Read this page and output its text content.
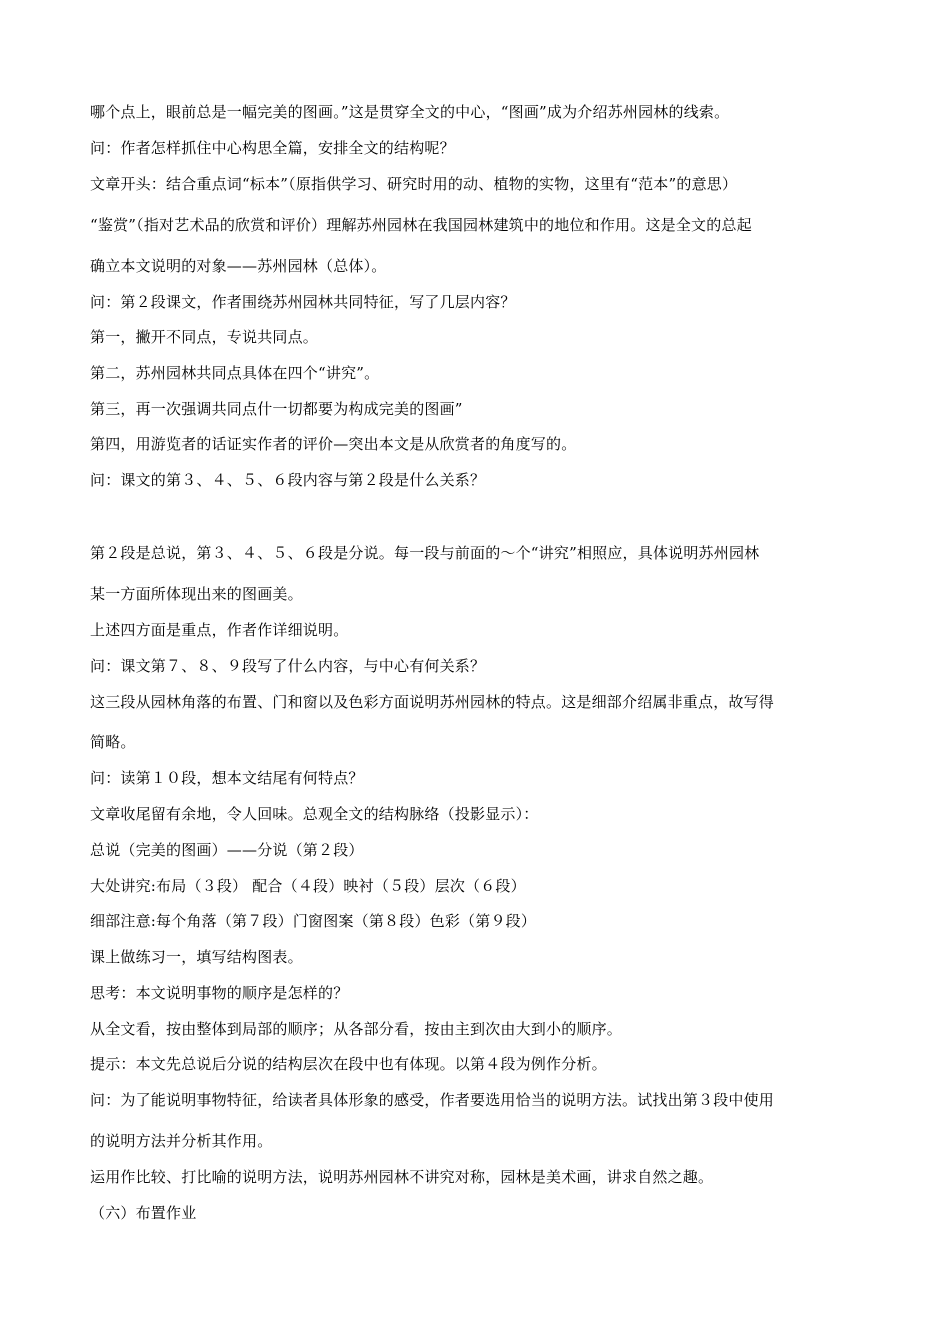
哪个点上，眼前总是一幅完美的图画。”这是贯穿全文的中心，“图画”成为介绍苏州园林的线索。
问：作者怎样抓住中心构思全篇，安排全文的结构呢？
文章开头：结合重点词“标本”（原指供学习、研究时用的动、植物的实物，这里有“范本”的意思）
“鉴赏”（指对艺术品的欣赏和评价）理解苏州园林在我国园林建筑中的地位和作用。这是全文的总起
确立本文说明的对象——苏州园林（总体）。
问：第２段课文，作者围绕苏州园林共同特征，写了几层内容？
第一，撇开不同点，专说共同点。
第二，苏州园林共同点具体在四个“讲究”。
第三，再一次强调共同点什一切都要为构成完美的图画”
第四，用游览者的话证实作者的评价—突出本文是从欣赏者的角度写的。
问：课文的第３、４、５、６段内容与第２段是什么关系？
第２段是总说，第３、４、５、６段是分说。每一段与前面的～个“讲究”相照应，具体说明苏州园林
某一方面所体现出来的图画美。
上述四方面是重点，作者作详细说明。
问：课文第７、８、９段写了什么内容，与中心有何关系？
这三段从园林角落的布置、门和窗以及色彩方面说明苏州园林的特点。这是细部介绍属非重点，故写得
简略。
问：读第１０段，想本文结尾有何特点？
文章收尾留有余地，令人回味。总观全文的结构脉络（投影显示）：
总说（完美的图画）——分说（第２段）
大处讲究:布局（３段） 配合（４段）映衬（５段）层次（６段）
细部注意:每个角落（第７段）门窗图案（第８段）色彩（第９段）
课上做练习一，填写结构图表。
思考：本文说明事物的顺序是怎样的？
从全文看，按由整体到局部的顺序；从各部分看，按由主到次由大到小的顺序。
提示：本文先总说后分说的结构层次在段中也有体现。以第４段为例作分析。
问：为了能说明事物特征，给读者具体形象的感受，作者要选用恰当的说明方法。试找出第３段中使用
的说明方法并分析其作用。
运用作比较、打比喻的说明方法，说明苏州园林不讲究对称，园林是美术画，讲求自然之趣。
（六）布置作业
